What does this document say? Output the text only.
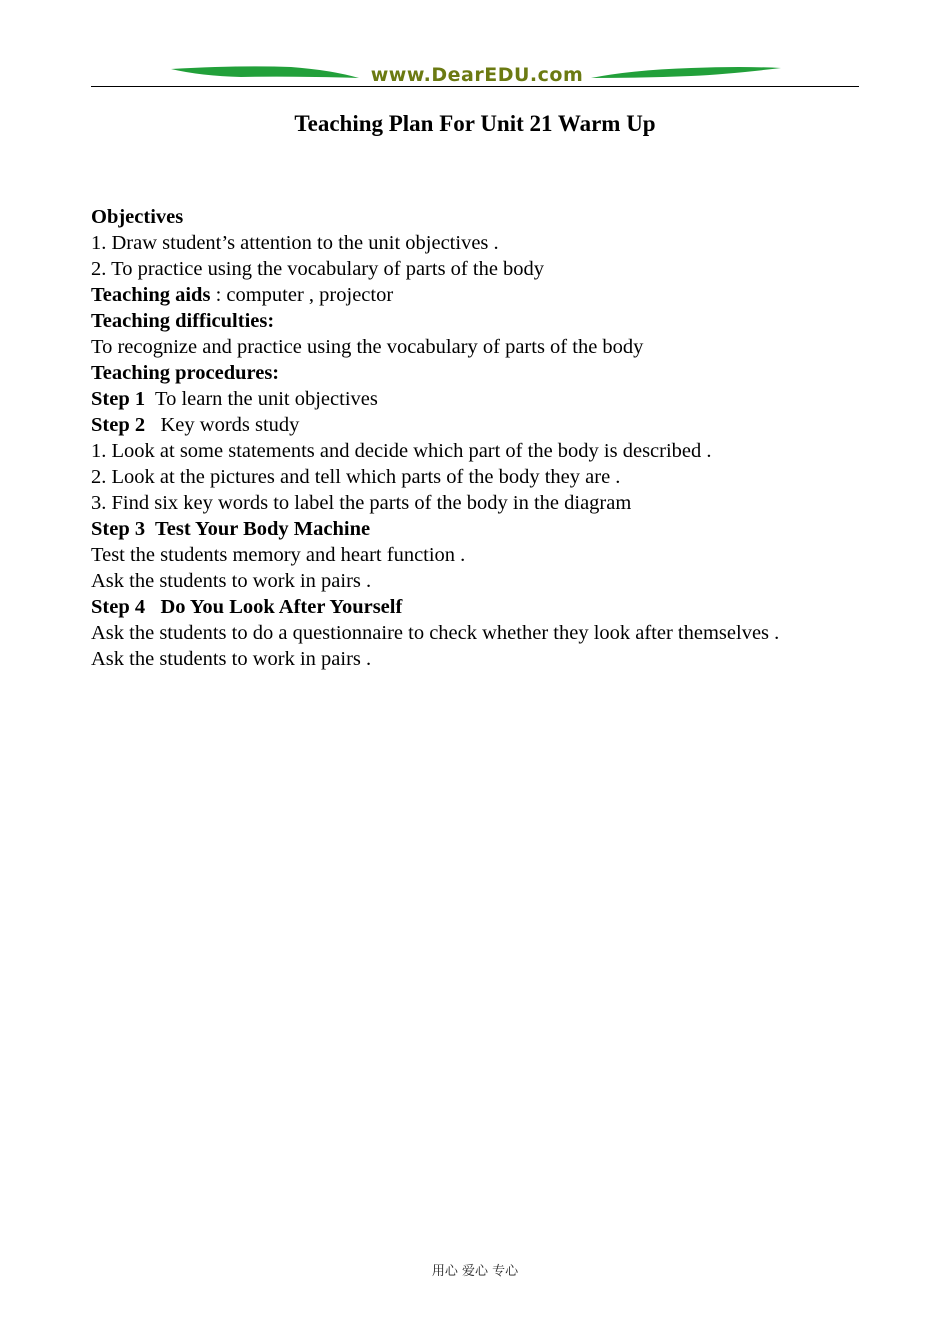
www.DearEDU.com
Teaching Plan For Unit 21 Warm Up
Objectives
1. Draw student’s attention to the unit objectives .
2. To practice using the vocabulary of parts of the body
Teaching aids : computer , projector
Teaching difficulties:
To recognize and practice using the vocabulary of parts of the body
Teaching procedures:
Step 1  To learn the unit objectives
Step 2   Key words study
1. Look at some statements and decide which part of the body is described .
2. Look at the pictures and tell which parts of the body they are .
3. Find six key words to label the parts of the body in the diagram
Step 3  Test Your Body Machine
Test the students memory and heart function .
Ask the students to work in pairs .
Step 4   Do You Look After Yourself
Ask the students to do a questionnaire to check whether they look after themselves .
Ask the students to work in pairs .
用心 爱心 专心
